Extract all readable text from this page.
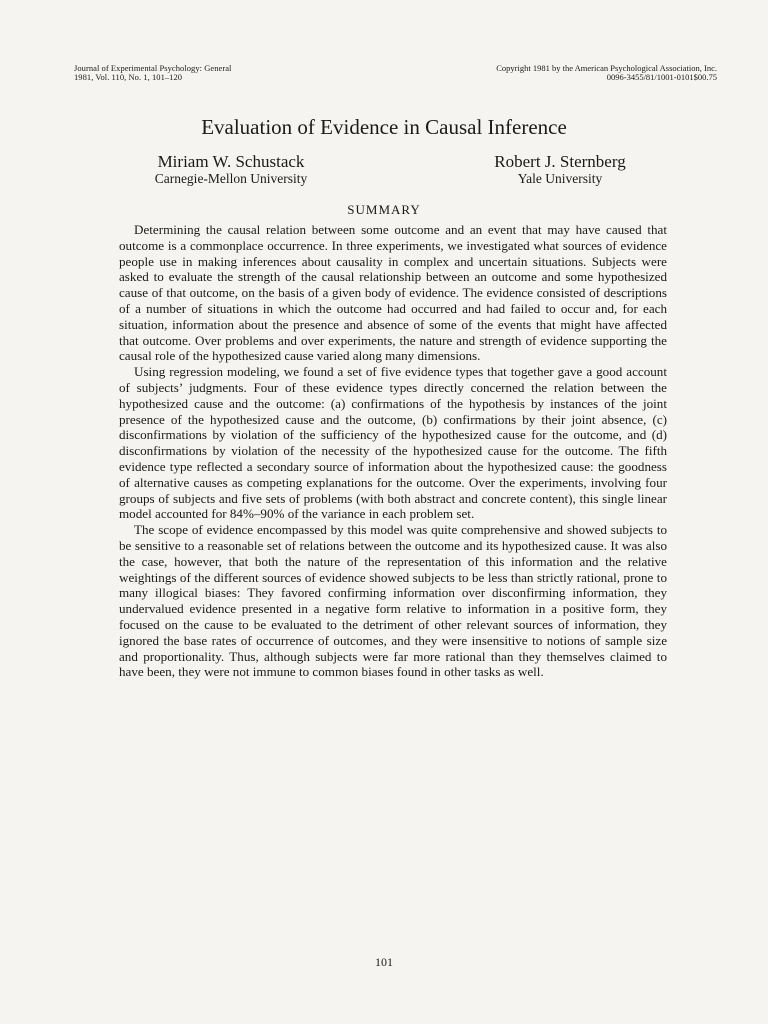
Journal of Experimental Psychology: General
1981, Vol. 110, No. 1, 101–120
Copyright 1981 by the American Psychological Association, Inc.
0096-3455/81/1001-0101$00.75
Evaluation of Evidence in Causal Inference
Miriam W. Schustack
Carnegie-Mellon University
Robert J. Sternberg
Yale University
SUMMARY

Determining the causal relation between some outcome and an event that may have caused that outcome is a commonplace occurrence. In three experiments, we investigated what sources of evidence people use in making inferences about causality in complex and uncertain situations. Subjects were asked to evaluate the strength of the causal relationship between an outcome and some hypothesized cause of that outcome, on the basis of a given body of evidence. The evidence consisted of descriptions of a number of situations in which the outcome had occurred and had failed to occur and, for each situation, information about the presence and absence of some of the events that might have affected that outcome. Over problems and over experiments, the nature and strength of evidence supporting the causal role of the hypothesized cause varied along many dimensions.

Using regression modeling, we found a set of five evidence types that together gave a good account of subjects’ judgments. Four of these evidence types directly concerned the relation between the hypothesized cause and the outcome: (a) confirmations of the hypothesis by instances of the joint presence of the hypothesized cause and the outcome, (b) confirmations by their joint absence, (c) disconfirmations by violation of the sufficiency of the hypothesized cause for the outcome, and (d) disconfirmations by violation of the necessity of the hypothesized cause for the outcome. The fifth evidence type reflected a secondary source of information about the hypothesized cause: the goodness of alternative causes as competing explanations for the outcome. Over the experiments, involving four groups of subjects and five sets of problems (with both abstract and concrete content), this single linear model accounted for 84%–90% of the variance in each problem set.

The scope of evidence encompassed by this model was quite comprehensive and showed subjects to be sensitive to a reasonable set of relations between the outcome and its hypothesized cause. It was also the case, however, that both the nature of the representation of this information and the relative weightings of the different sources of evidence showed subjects to be less than strictly rational, prone to many illogical biases: They favored confirming information over disconfirming information, they undervalued evidence presented in a negative form relative to information in a positive form, they focused on the cause to be evaluated to the detriment of other relevant sources of information, they ignored the base rates of occurrence of outcomes, and they were insensitive to notions of sample size and proportionality. Thus, although subjects were far more rational than they themselves claimed to have been, they were not immune to common biases found in other tasks as well.

101
